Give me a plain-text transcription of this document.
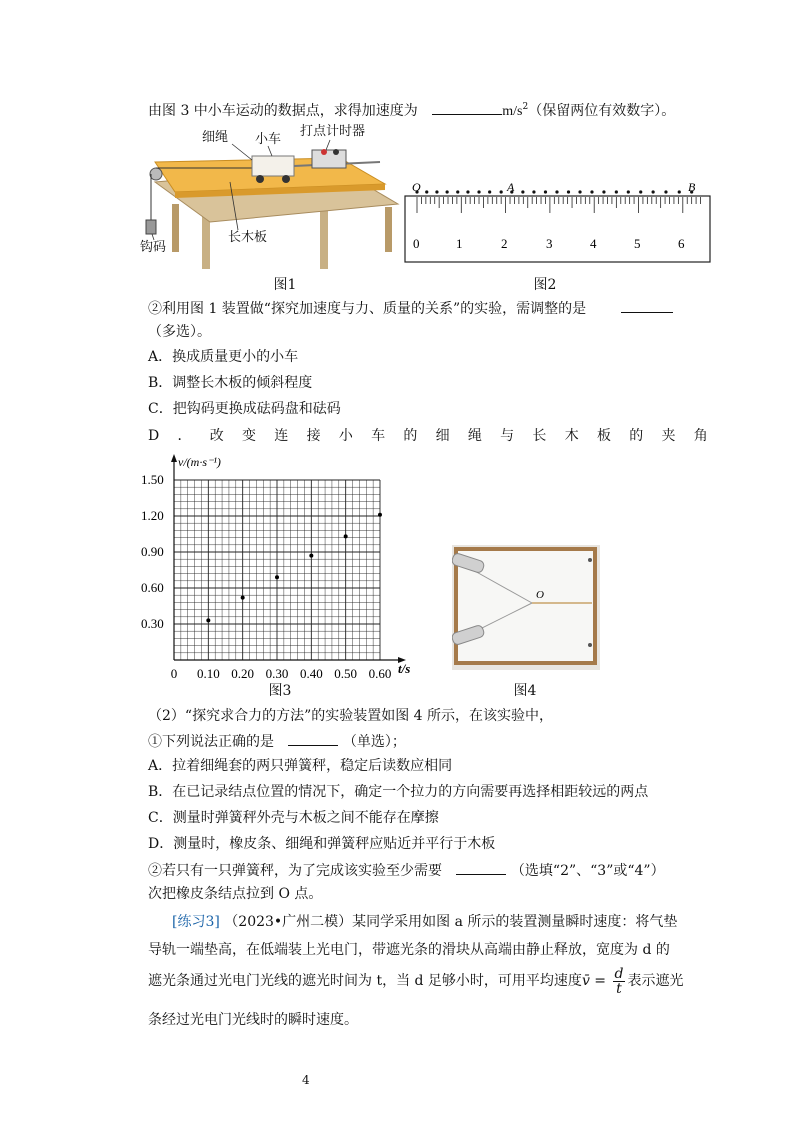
由图 3 中小车运动的数据点，求得加速度为	$m/s^2$（保留两位有效数字）。
细绳 小车
打点计时器
钩码
长木板
图1
O	A	B
0	1	2	3	4	5	6
图2
②利用图 1 装置做“探究加速度与力、质量的关系”的实验，需调整的是
（多选）。
A．换成质量更小的小车
B．调整长木板的倾斜程度
C．把钩码更换成砝码盘和砝码
D ． 改 变 连 接 小 车 的 细 绳 与 长 木 板 的 夹 角
0.30
0.60
0.90
1.20
1.50
0 0.10 0.20 0.30 0.40 0.50 0.60
v/(m·s⁻¹)
t/s
图3
O
图4
（2）“探究求合力的方法”的实验装置如图 4 所示，在该实验中，
①下列说法正确的是	（单选）；
A．拉着细绳套的两只弹簧秤，稳定后读数应相同
B．在已记录结点位置的情况下，确定一个拉力的方向需要再选择相距较远的两点
C．测量时弹簧秤外壳与木板之间不能存在摩擦
D．测量时，橡皮条、细绳和弹簧秤应贴近并平行于木板
②若只有一只弹簧秤，为了完成该实验至少需要	（选填“2”、“3”或“4”）
次把橡皮条结点拉到 O 点。
[练习3] （2023•广州二模）某同学采用如图 a 所示的装置测量瞬时速度：将气垫
导轨一端垫高，在低端装上光电门，带遮光条的滑块从高端由静止释放，宽度为 d 的
遮光条通过光电门光线的遮光时间为 t，当 d 足够小时，可用平均速度v̄ = $\frac{d}{t}$ 表示遮光
条经过光电门光线时的瞬时速度。
4
